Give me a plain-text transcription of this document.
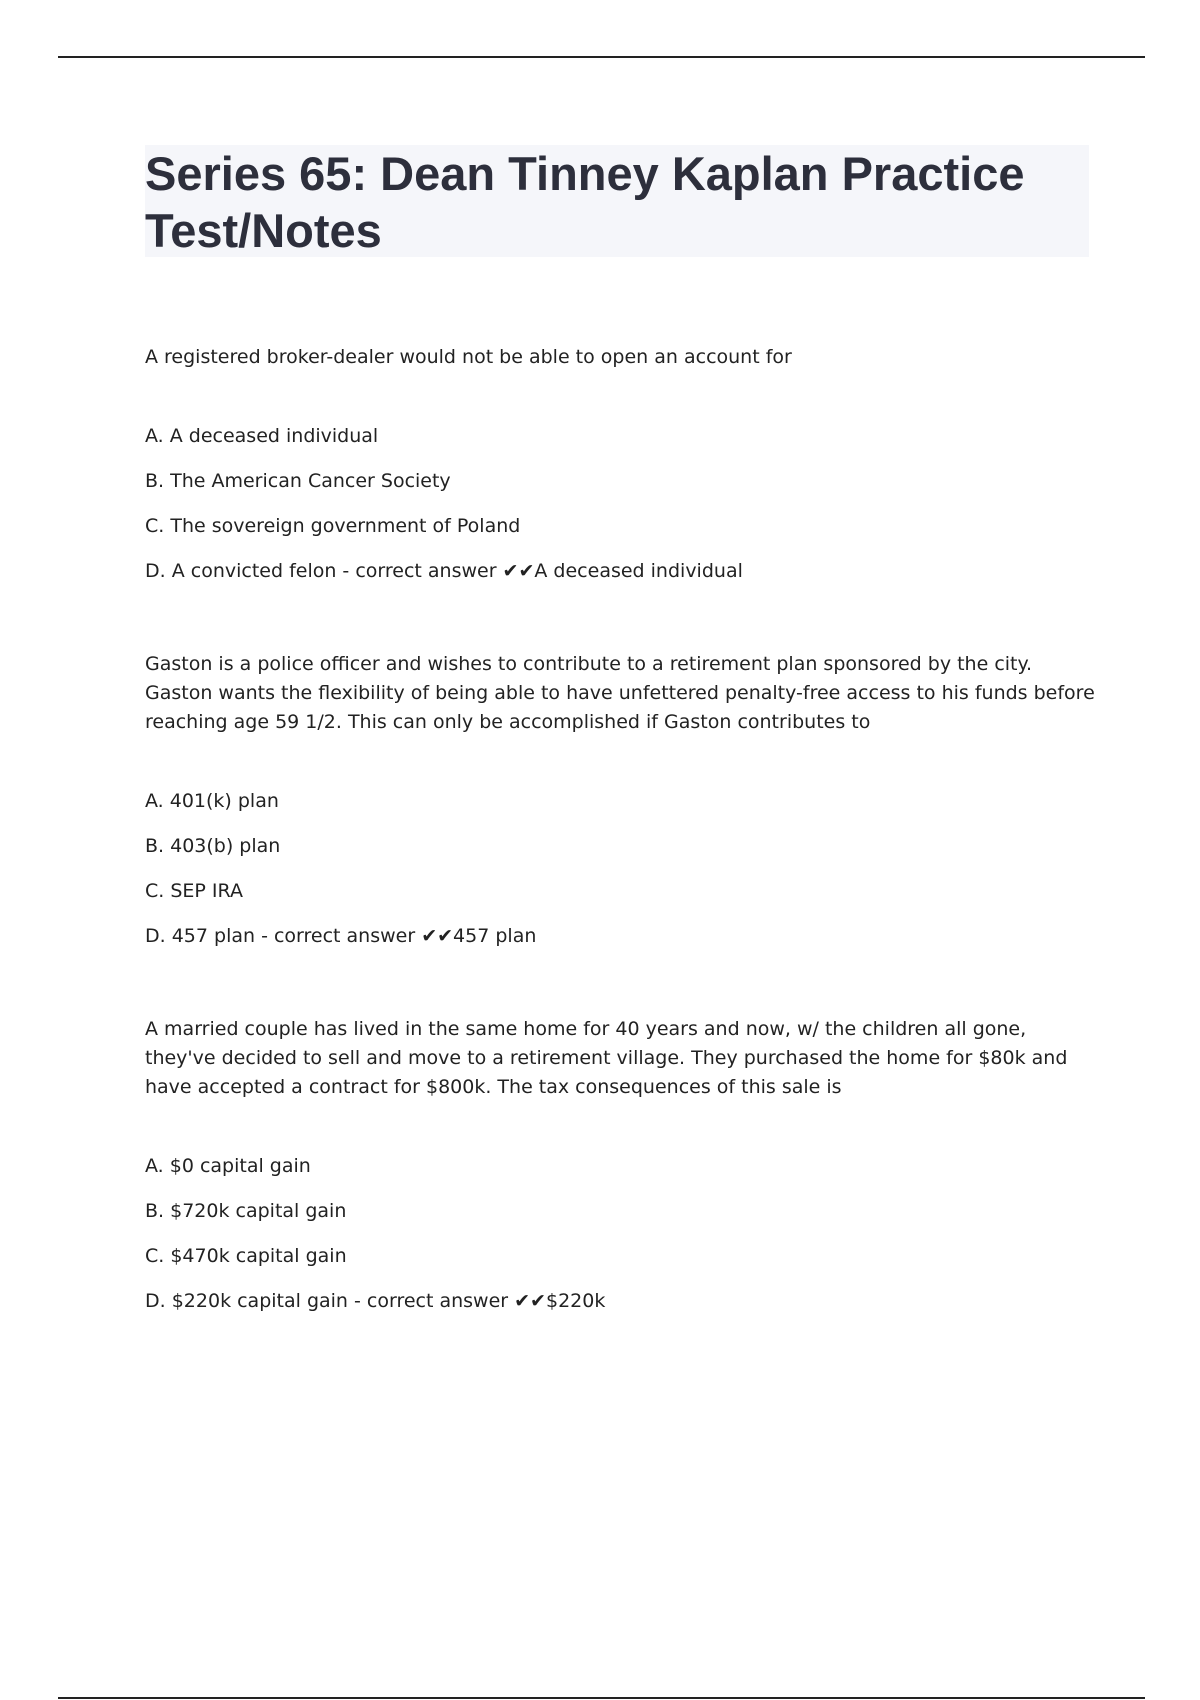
Series 65: Dean Tinney Kaplan Practice Test/Notes

A registered broker-dealer would not be able to open an account for

A. A deceased individual
B. The American Cancer Society
C. The sovereign government of Poland
D. A convicted felon - correct answer ✔✔A deceased individual

Gaston is a police officer and wishes to contribute to a retirement plan sponsored by the city. Gaston wants the flexibility of being able to have unfettered penalty-free access to his funds before reaching age 59 1/2. This can only be accomplished if Gaston contributes to

A. 401(k) plan
B. 403(b) plan
C. SEP IRA
D. 457 plan - correct answer ✔✔457 plan

A married couple has lived in the same home for 40 years and now, w/ the children all gone, they've decided to sell and move to a retirement village. They purchased the home for $80k and have accepted a contract for $800k. The tax consequences of this sale is

A. $0 capital gain
B. $720k capital gain
C. $470k capital gain
D. $220k capital gain - correct answer ✔✔$220k
